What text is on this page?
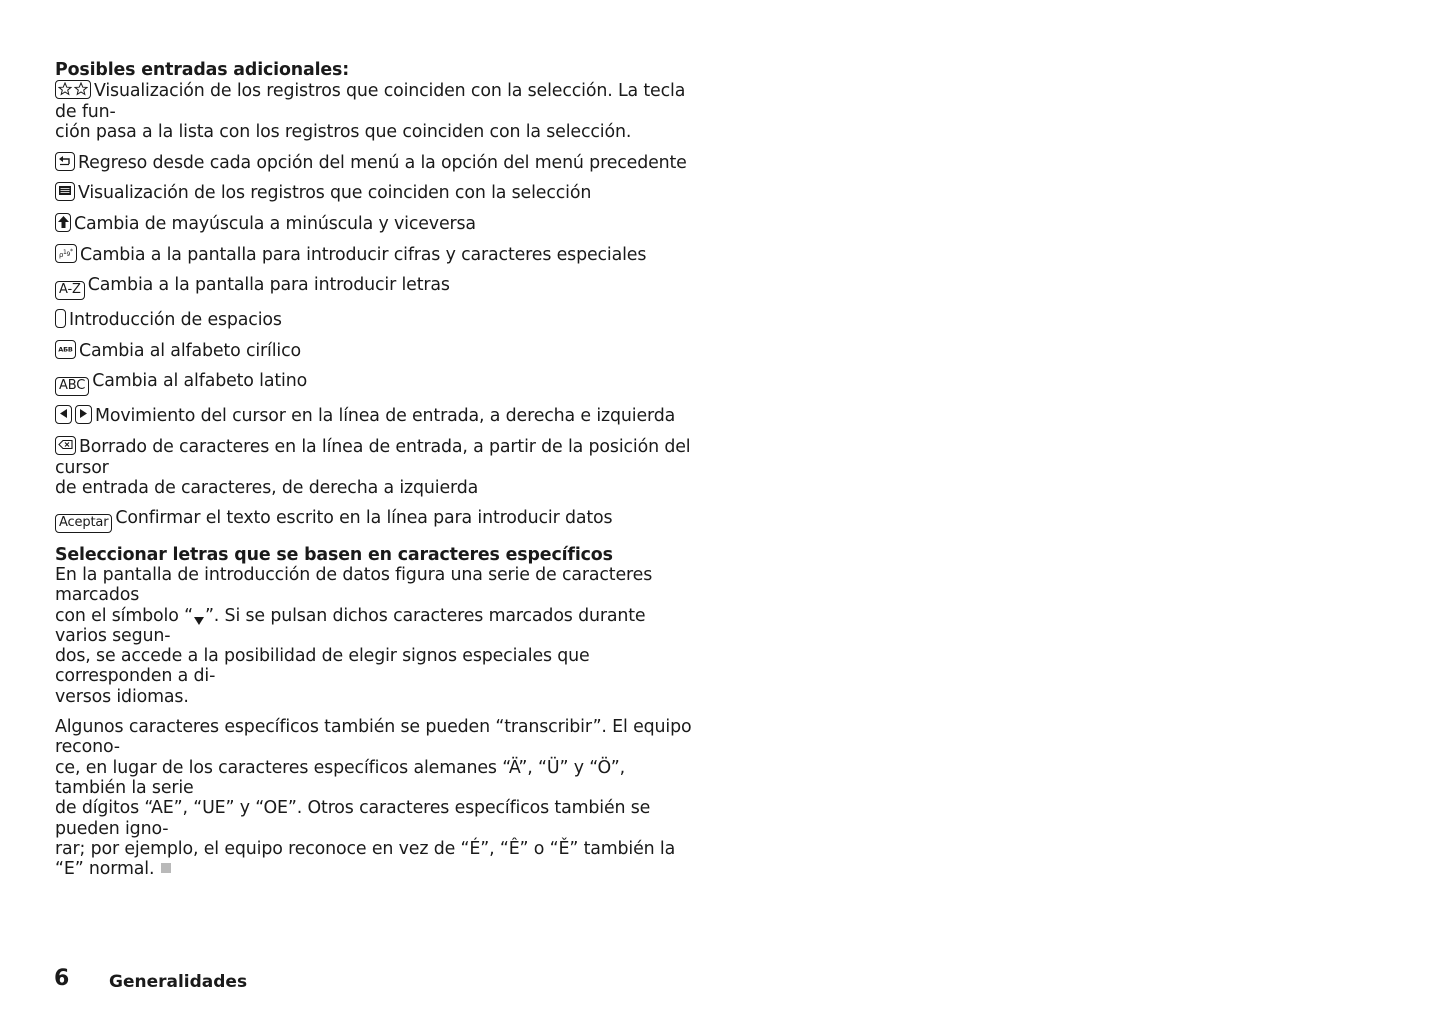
Posibles entradas adicionales:
Visualización de los registros que coinciden con la selección. La tecla de fun-
ción pasa a la lista con los registros que coinciden con la selección.
Regreso desde cada opción del menú a la opción del menú precedente
Visualización de los registros que coinciden con la selección
Cambia de mayúscula a minúscula y viceversa
ρ 1 9 * Cambia a la pantalla para introducir cifras y caracteres especiales
A-Z Cambia a la pantalla para introducir letras
Introducción de espacios
АБВ Cambia al alfabeto cirílico
ABC Cambia al alfabeto latino
Movimiento del cursor en la línea de entrada, a derecha e izquierda
Borrado de caracteres en la línea de entrada, a partir de la posición del cursor
de entrada de caracteres, de derecha a izquierda
Aceptar Confirmar el texto escrito en la línea para introducir datos
Seleccionar letras que se basen en caracteres específicos
En la pantalla de introducción de datos figura una serie de caracteres marcados
con el símbolo “ ”. Si se pulsan dichos caracteres marcados durante varios segun-
dos, se accede a la posibilidad de elegir signos especiales que corresponden a di-
versos idiomas.
Algunos caracteres específicos también se pueden “transcribir”. El equipo recono-
ce, en lugar de los caracteres específicos alemanes “Ä”, “Ü” y “Ö”, también la serie
de dígitos “AE”, “UE” y “OE”. Otros caracteres específicos también se pueden igno-
rar; por ejemplo, el equipo reconoce en vez de “É”, “Ê” o “Ě” también la “E” normal.
6 Generalidades
